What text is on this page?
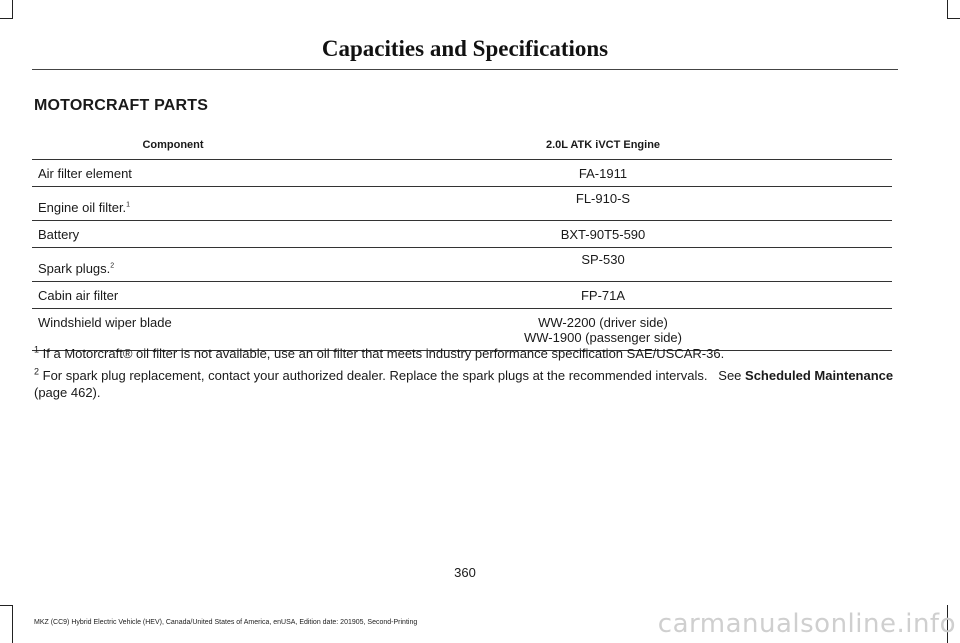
Capacities and Specifications
MOTORCRAFT PARTS
Component	2.0L ATK iVCT Engine
Air filter element	FA-1911
Engine oil filter.$^1$	FL-910-S
Battery	BXT-90T5-590
Spark plugs.$^2$	SP-530
Cabin air filter	FP-71A
Windshield wiper blade	WW-2200 (driver side)
WW-1900 (passenger side)

$^1$ If a Motorcraft® oil filter is not available, use an oil filter that meets industry performance specification SAE/USCAR-36.

$^2$ For spark plug replacement, contact your authorized dealer. Replace the spark plugs at the recommended intervals.   See Scheduled Maintenance (page 462).

360
MKZ (CC9) Hybrid Electric Vehicle (HEV), Canada/United States of America, enUSA, Edition date: 201905, Second-Printing	carmanualsonline.info
